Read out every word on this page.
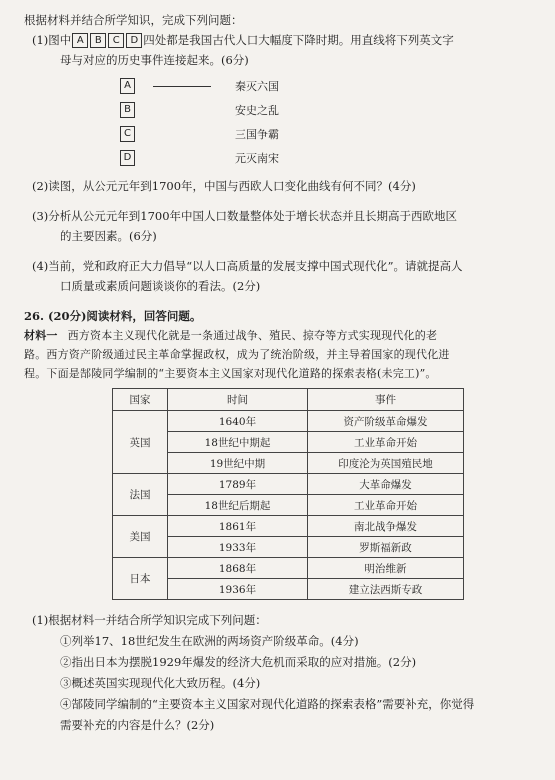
根据材料并结合所学知识，完成下列问题：
(1)图中 A B C D 四处都是我国古代人口大幅度下降时期。用直线将下列英文字
母与对应的历史事件连接起来。(6分)
A	秦灭六国
B	安史之乱
C	三国争霸
D	元灭南宋
(2)读图，从公元元年到1700年，中国与西欧人口变化曲线有何不同？(4分)
(3)分析从公元元年到1700年中国人口数量整体处于增长状态并且长期高于西欧地区
的主要因素。(6分)
(4)当前，党和政府正大力倡导“以人口高质量的发展支撑中国式现代化”。请就提高人
口质量或素质问题谈谈你的看法。(2分)
26. (20分)阅读材料，回答问题。
材料一 西方资本主义现代化就是一条通过战争、殖民、掠夺等方式实现现代化的老
路。西方资产阶级通过民主革命掌握政权，成为了统治阶级，并主导着国家的现代化进
程。下面是郜陵同学编制的“主要资本主义国家对现代化道路的探索表格(未完工)”。
国家	时间	事件
英国	1640年	资产阶级革命爆发
	18世纪中期起	工业革命开始
	19世纪中期	印度沦为英国殖民地
法国	1789年	大革命爆发
	18世纪后期起	工业革命开始
美国	1861年	南北战争爆发
	1933年	罗斯福新政
日本	1868年	明治维新
	1936年	建立法西斯专政
(1)根据材料一并结合所学知识完成下列问题：
①列举17、18世纪发生在欧洲的两场资产阶级革命。(4分)
②指出日本为摆脱1929年爆发的经济大危机而采取的应对措施。(2分)
③概述英国实现现代化大致历程。(4分)
④郜陵同学编制的“主要资本主义国家对现代化道路的探索表格”需要补充，你觉得
需要补充的内容是什么？(2分)
